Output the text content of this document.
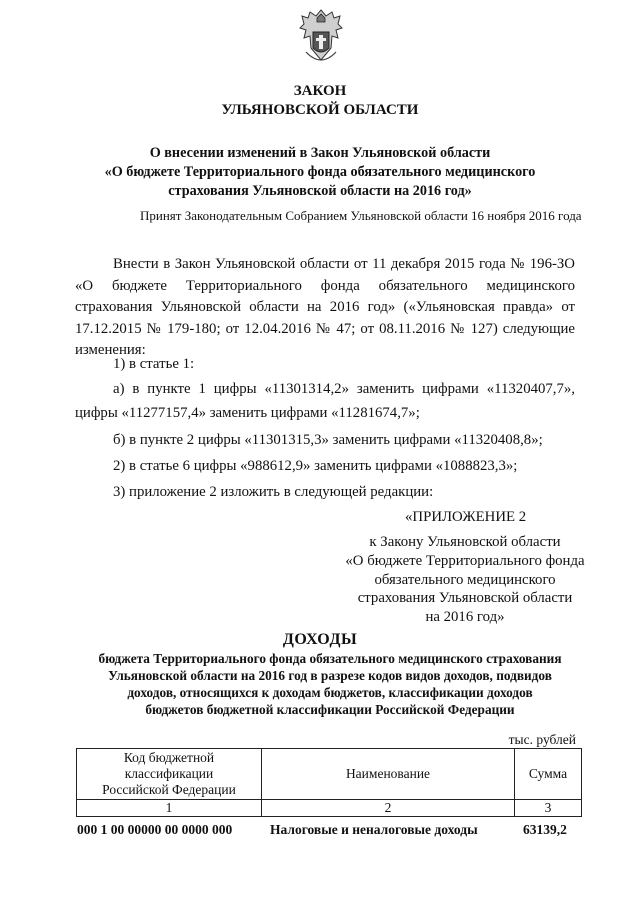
ЗАКОН
УЛЬЯНОВСКОЙ ОБЛАСТИ
О внесении изменений в Закон Ульяновской области
«О бюджете Территориального фонда обязательного медицинского
страхования Ульяновской области на 2016 год»
Принят Законодательным Собранием Ульяновской области 16 ноября 2016 года
Внести в Закон Ульяновской области от 11 декабря 2015 года № 196-ЗО «О бюджете Территориального фонда обязательного медицинского страхования Ульяновской области на 2016 год» («Ульяновская правда» от 17.12.2015 № 179-180; от 12.04.2016 № 47; от 08.11.2016 № 127) следующие изменения:
1) в статье 1:
а) в пункте 1 цифры «11301314,2» заменить цифрами «11320407,7»,
цифры «11277157,4» заменить цифрами «11281674,7»;
б) в пункте 2 цифры «11301315,3» заменить цифрами «11320408,8»;
2) в статье 6 цифры «988612,9» заменить цифрами «1088823,3»;
3) приложение 2 изложить в следующей редакции:
«ПРИЛОЖЕНИЕ 2
к Закону Ульяновской области
«О бюджете Территориального фонда
обязательного медицинского
страхования Ульяновской области
на 2016 год»
ДОХОДЫ
бюджета Территориального фонда обязательного медицинского страхования
Ульяновской области на 2016 год в разрезе кодов видов доходов, подвидов
доходов, относящихся к доходам бюджетов, классификации доходов
бюджетов бюджетной классификации Российской Федерации
тыс. рублей
Код бюджетной
классификации
Российской Федерации	Наименование	Сумма
1	2	3
000 1 00 00000 00 0000 000	Налоговые и неналоговые доходы	63139,2
